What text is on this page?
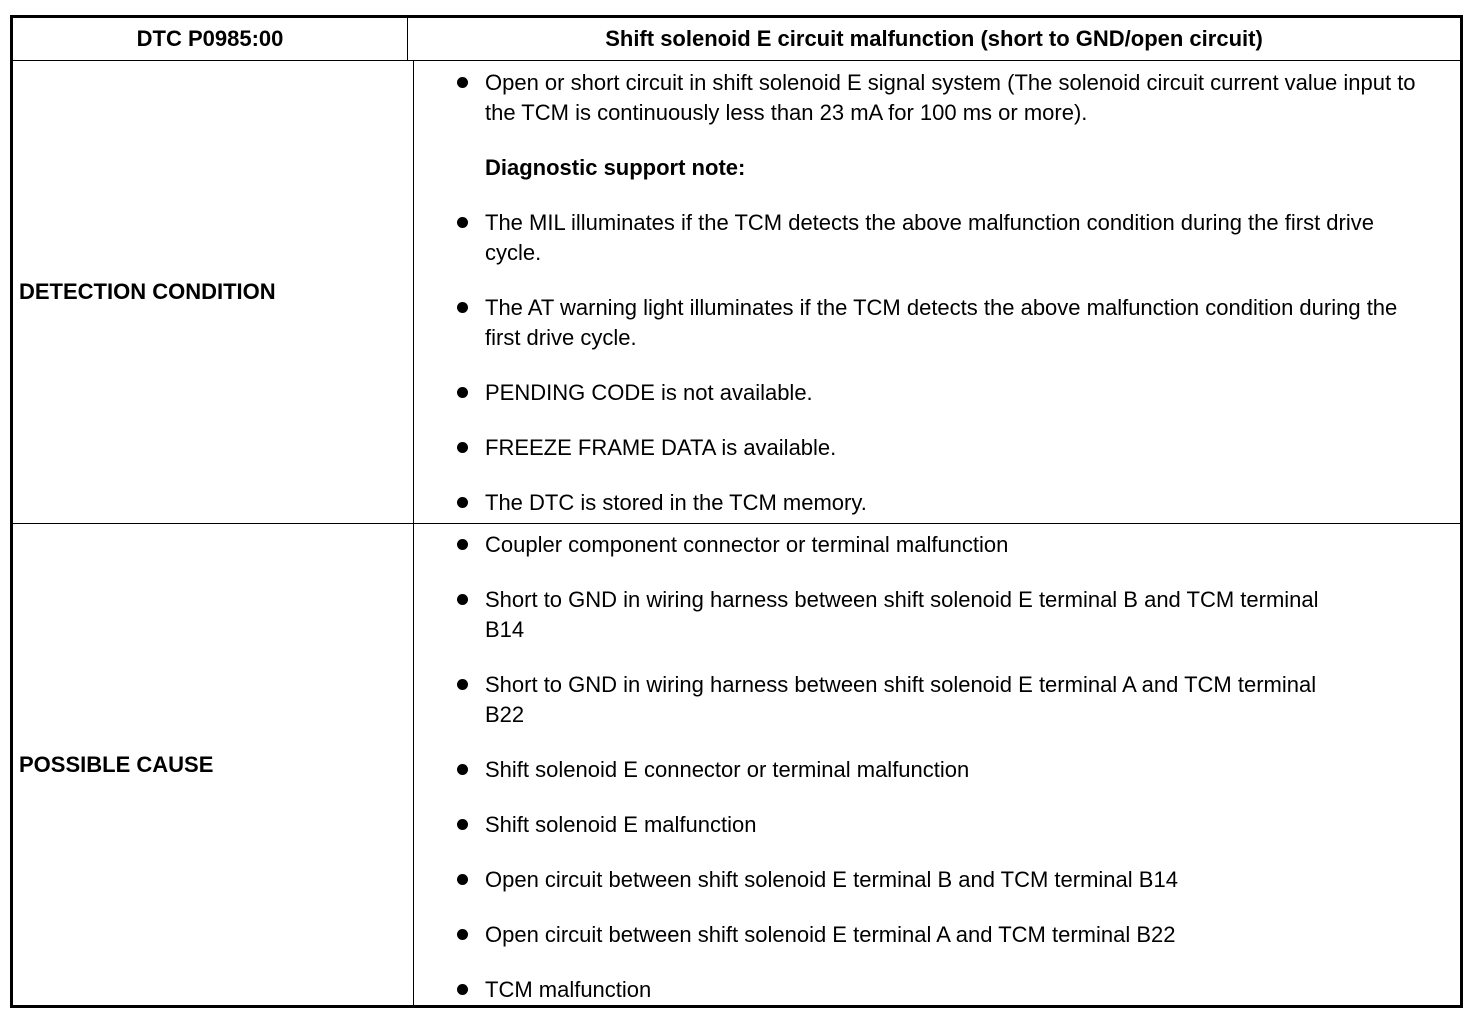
DTC P0985:00	Shift solenoid E circuit malfunction (short to GND/open circuit)
DETECTION CONDITION
Open or short circuit in shift solenoid E signal system (The solenoid circuit current value input to the TCM is continuously less than 23 mA for 100 ms or more).
Diagnostic support note:
The MIL illuminates if the TCM detects the above malfunction condition during the first drive cycle.
The AT warning light illuminates if the TCM detects the above malfunction condition during the first drive cycle.
PENDING CODE is not available.
FREEZE FRAME DATA is available.
The DTC is stored in the TCM memory.
POSSIBLE CAUSE
Coupler component connector or terminal malfunction
Short to GND in wiring harness between shift solenoid E terminal B and TCM terminal B14
Short to GND in wiring harness between shift solenoid E terminal A and TCM terminal B22
Shift solenoid E connector or terminal malfunction
Shift solenoid E malfunction
Open circuit between shift solenoid E terminal B and TCM terminal B14
Open circuit between shift solenoid E terminal A and TCM terminal B22
TCM malfunction
